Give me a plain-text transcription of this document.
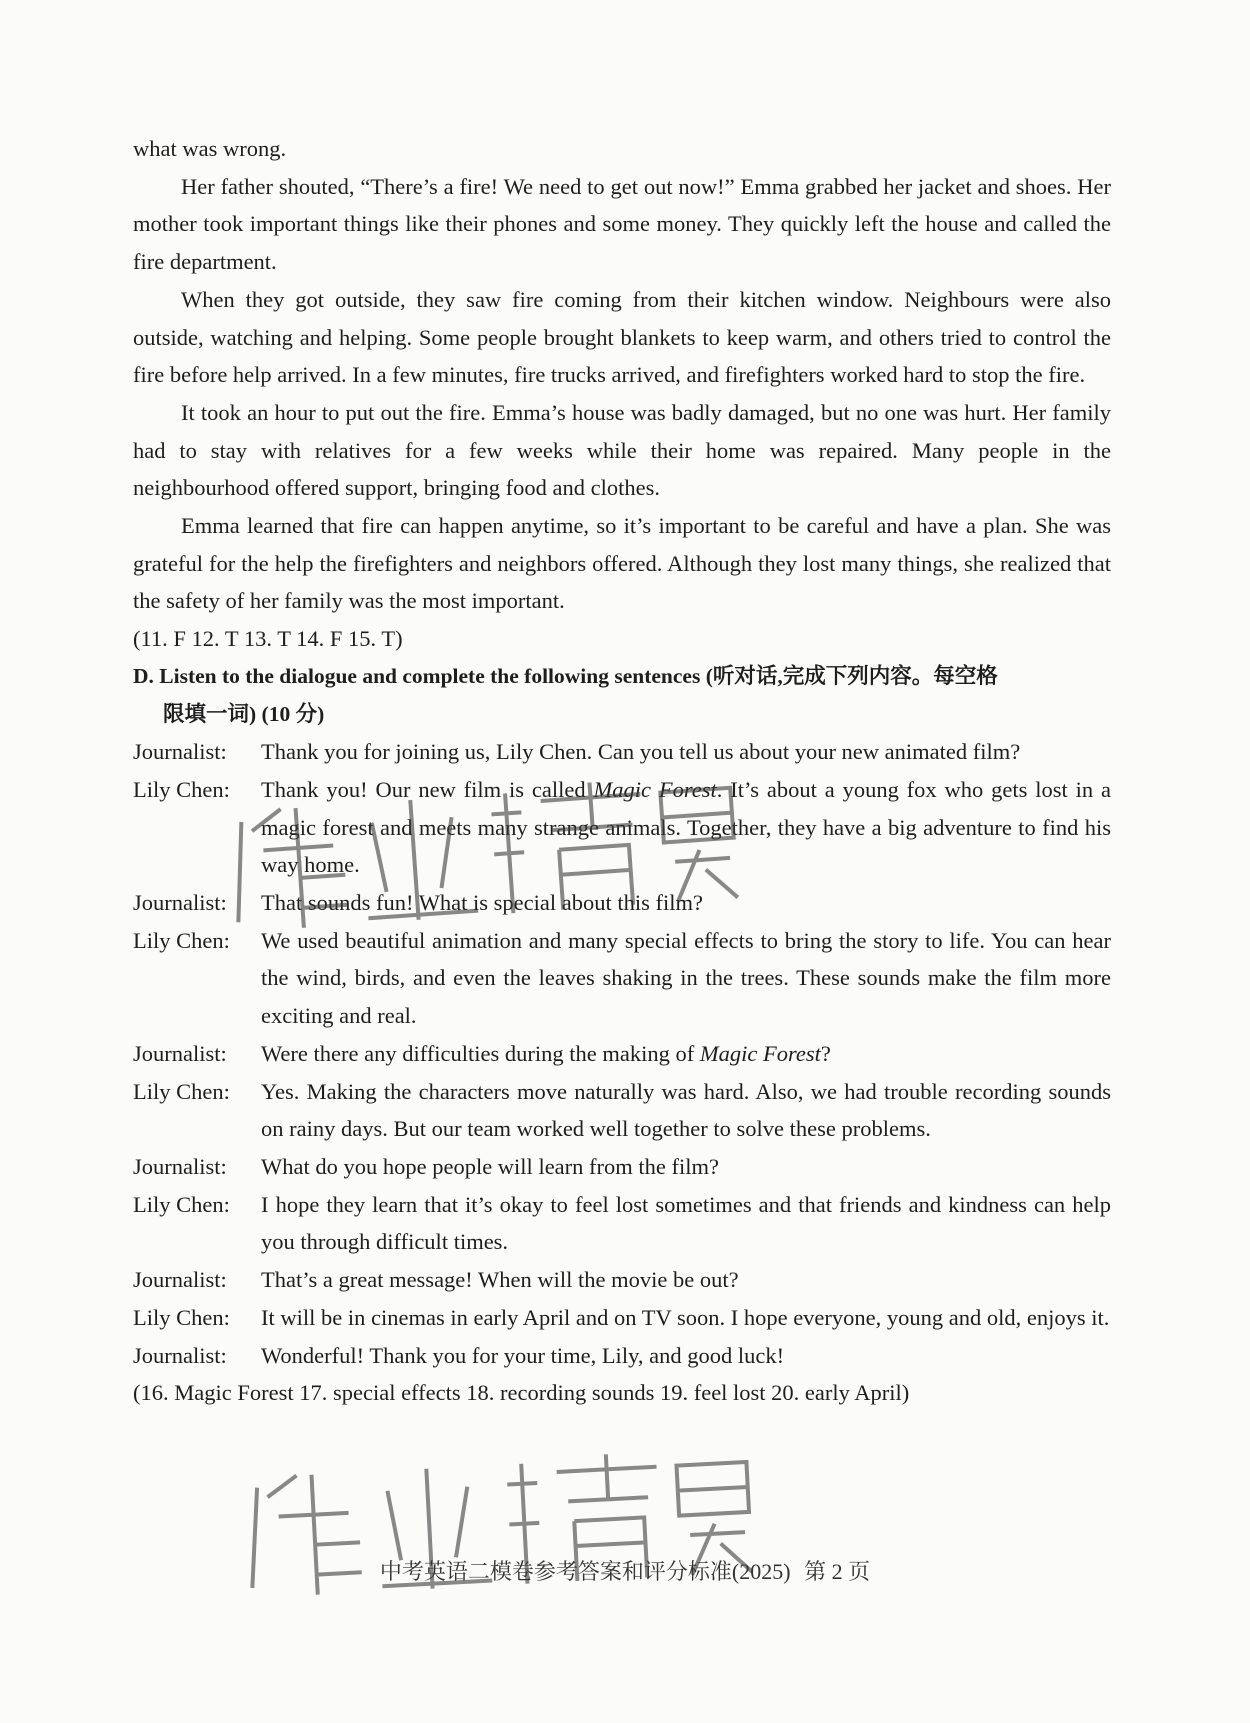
what was wrong.

Her father shouted, “There’s a fire! We need to get out now!” Emma grabbed her jacket and shoes. Her mother took important things like their phones and some money. They quickly left the house and called the fire department.

When they got outside, they saw fire coming from their kitchen window. Neighbours were also outside, watching and helping. Some people brought blankets to keep warm, and others tried to control the fire before help arrived. In a few minutes, fire trucks arrived, and firefighters worked hard to stop the fire.

It took an hour to put out the fire. Emma’s house was badly damaged, but no one was hurt. Her family had to stay with relatives for a few weeks while their home was repaired. Many people in the neighbourhood offered support, bringing food and clothes.

Emma learned that fire can happen anytime, so it’s important to be careful and have a plan. She was grateful for the help the firefighters and neighbors offered. Although they lost many things, she realized that the safety of her family was the most important.

(11. F 12. T 13. T 14. F 15. T)

D. Listen to the dialogue and complete the following sentences (听对话,完成下列内容。每空格
限填一词) (10 分)
Journalist:	Thank you for joining us, Lily Chen. Can you tell us about your new animated film?
Lily Chen:	Thank you! Our new film is called Magic Forest. It’s about a young fox who gets lost in a magic forest and meets many strange animals. Together, they have a big adventure to find his way home.
Journalist:	That sounds fun! What is special about this film?
Lily Chen:	We used beautiful animation and many special effects to bring the story to life. You can hear the wind, birds, and even the leaves shaking in the trees. These sounds make the film more exciting and real.
Journalist:	Were there any difficulties during the making of Magic Forest?
Lily Chen:	Yes. Making the characters move naturally was hard. Also, we had trouble recording sounds on rainy days. But our team worked well together to solve these problems.
Journalist:	What do you hope people will learn from the film?
Lily Chen:	I hope they learn that it’s okay to feel lost sometimes and that friends and kindness can help you through difficult times.
Journalist:	That’s a great message! When will the movie be out?
Lily Chen:	It will be in cinemas in early April and on TV soon. I hope everyone, young and old, enjoys it.
Journalist:	Wonderful! Thank you for your time, Lily, and good luck!

(16. Magic Forest 17. special effects 18. recording sounds 19. feel lost 20. early April)

中考英语二模卷参考答案和评分标准(2025) 第 2 页
